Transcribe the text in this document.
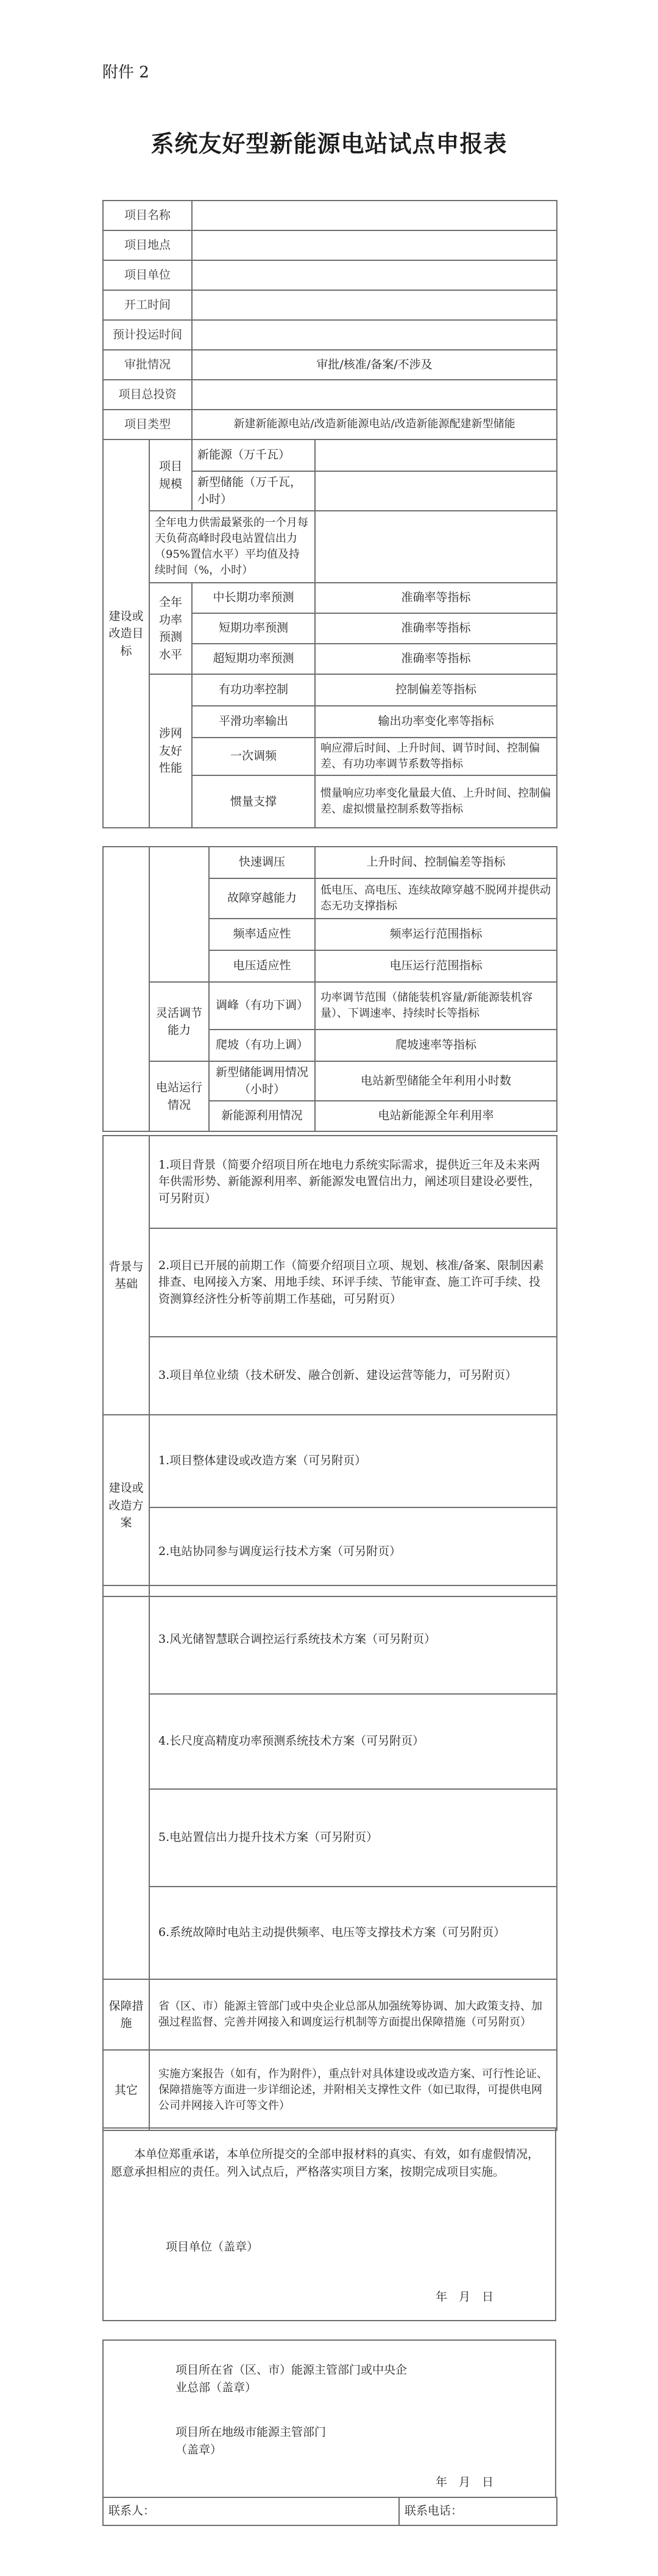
附件 2
系统友好型新能源电站试点申报表
项目名称			
项目地点			
项目单位			
开工时间			
预计投运时间			
审批情况		审批/核准/备案/不涉及	
项目总投资			
项目类型		新建新能源电站/改造新能源电站/改造新能源配建新型储能	
建设或改造目标	项目规模	新能源（万千瓦）	
		新型储能（万千瓦，小时）	
	全年电力供需最紧张的一个月每天负荷高峰时段电站置信出力（95%置信水平）平均值及持续时间（%，小时）		
	全年功率预测水平	中长期功率预测	准确率等指标
		短期功率预测	准确率等指标
		超短期功率预测	准确率等指标
	涉网友好性能	有功功率控制	控制偏差等指标
		平滑功率输出	输出功率变化率等指标
		一次调频	响应滞后时间、上升时间、调节时间、控制偏差、有功功率调节系数等指标
		惯量支撑	惯量响应功率变化量最大值、上升时间、控制偏差、虚拟惯量控制系数等指标
		快速调压	上升时间、控制偏差等指标
		故障穿越能力	低电压、高电压、连续故障穿越不脱网并提供动态无功支撑指标
		频率适应性	频率运行范围指标
		电压适应性	电压运行范围指标
	灵活调节能力	调峰（有功下调）	功率调节范围（储能装机容量/新能源装机容量）、下调速率、持续时长等指标
		爬坡（有功上调）	爬坡速率等指标
	电站运行情况	新型储能调用情况（小时）	电站新型储能全年利用小时数
		新能源利用情况	电站新能源全年利用率
背景与基础	1.项目背景（简要介绍项目所在地电力系统实际需求，提供近三年及未来两年供需形势、新能源利用率、新能源发电置信出力，阐述项目建设必要性，可另附页）
	2.项目已开展的前期工作（简要介绍项目立项、规划、核准/备案、限制因素排查、电网接入方案、用地手续、环评手续、节能审查、施工许可手续、投资测算经济性分析等前期工作基础，可另附页）
	3.项目单位业绩（技术研发、融合创新、建设运营等能力，可另附页）
建设或改造方案	1.项目整体建设或改造方案（可另附页）
	2.电站协同参与调度运行技术方案（可另附页）
	3.风光储智慧联合调控运行系统技术方案（可另附页）
	4.长尺度高精度功率预测系统技术方案（可另附页）
	5.电站置信出力提升技术方案（可另附页）
	6.系统故障时电站主动提供频率、电压等支撑技术方案（可另附页）
保障措施	省（区、市）能源主管部门或中央企业总部从加强统筹协调、加大政策支持、加强过程监督、完善并网接入和调度运行机制等方面提出保障措施（可另附页）
其它	实施方案报告（如有，作为附件），重点针对具体建设或改造方案、可行性论证、保障措施等方面进一步详细论述，并附相关支撑性文件（如已取得，可提供电网公司并网接入许可等文件）

本单位郑重承诺，本单位所提交的全部申报材料的真实、有效，如有虚假情况，愿意承担相应的责任。列入试点后，严格落实项目方案，按期完成项目实施。

项目单位（盖章）

年　月　日

项目所在省（区、市）能源主管部门或中央企业总部（盖章）

项目所在地级市能源主管部门（盖章）

年　月　日

联系人：	联系电话：
